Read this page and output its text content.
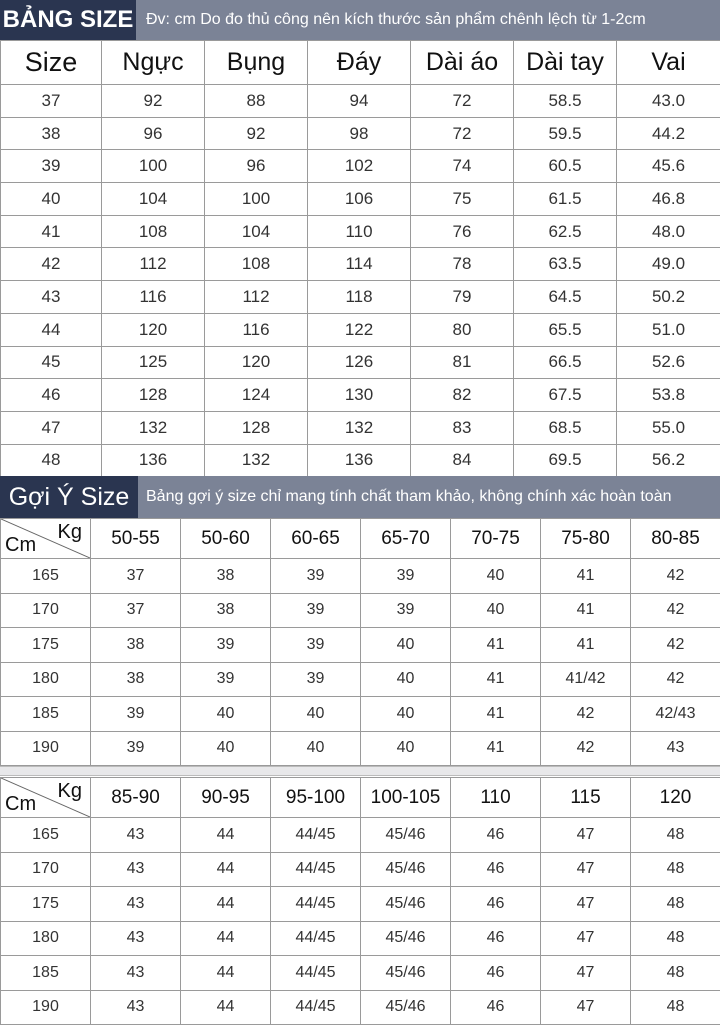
BẢNG SIZE Đv: cm Do đo thủ công nên kích thước sản phẩm chênh lệch từ 1-2cm
Size	Ngực	Bụng	Đáy	Dài áo	Dài tay	Vai
37	92	88	94	72	58.5	43.0
38	96	92	98	72	59.5	44.2
39	100	96	102	74	60.5	45.6
40	104	100	106	75	61.5	46.8
41	108	104	110	76	62.5	48.0
42	112	108	114	78	63.5	49.0
43	116	112	118	79	64.5	50.2
44	120	116	122	80	65.5	51.0
45	125	120	126	81	66.5	52.6
46	128	124	130	82	67.5	53.8
47	132	128	132	83	68.5	55.0
48	136	132	136	84	69.5	56.2
Gợi Ý Size	Bảng gợi ý size chỉ mang tính chất tham khảo, không chính xác hoàn toàn
Kg
Cm	50-55	50-60	60-65	65-70	70-75	75-80	80-85
165	37	38	39	39	40	41	42
170	37	38	39	39	40	41	42
175	38	39	39	40	41	41	42
180	38	39	39	40	41	41/42	42
185	39	40	40	40	41	42	42/43
190	39	40	40	40	41	42	43
Kg
Cm	85-90	90-95	95-100	100-105	110	115	120
165	43	44	44/45	45/46	46	47	48
170	43	44	44/45	45/46	46	47	48
175	43	44	44/45	45/46	46	47	48
180	43	44	44/45	45/46	46	47	48
185	43	44	44/45	45/46	46	47	48
190	43	44	44/45	45/46	46	47	48
